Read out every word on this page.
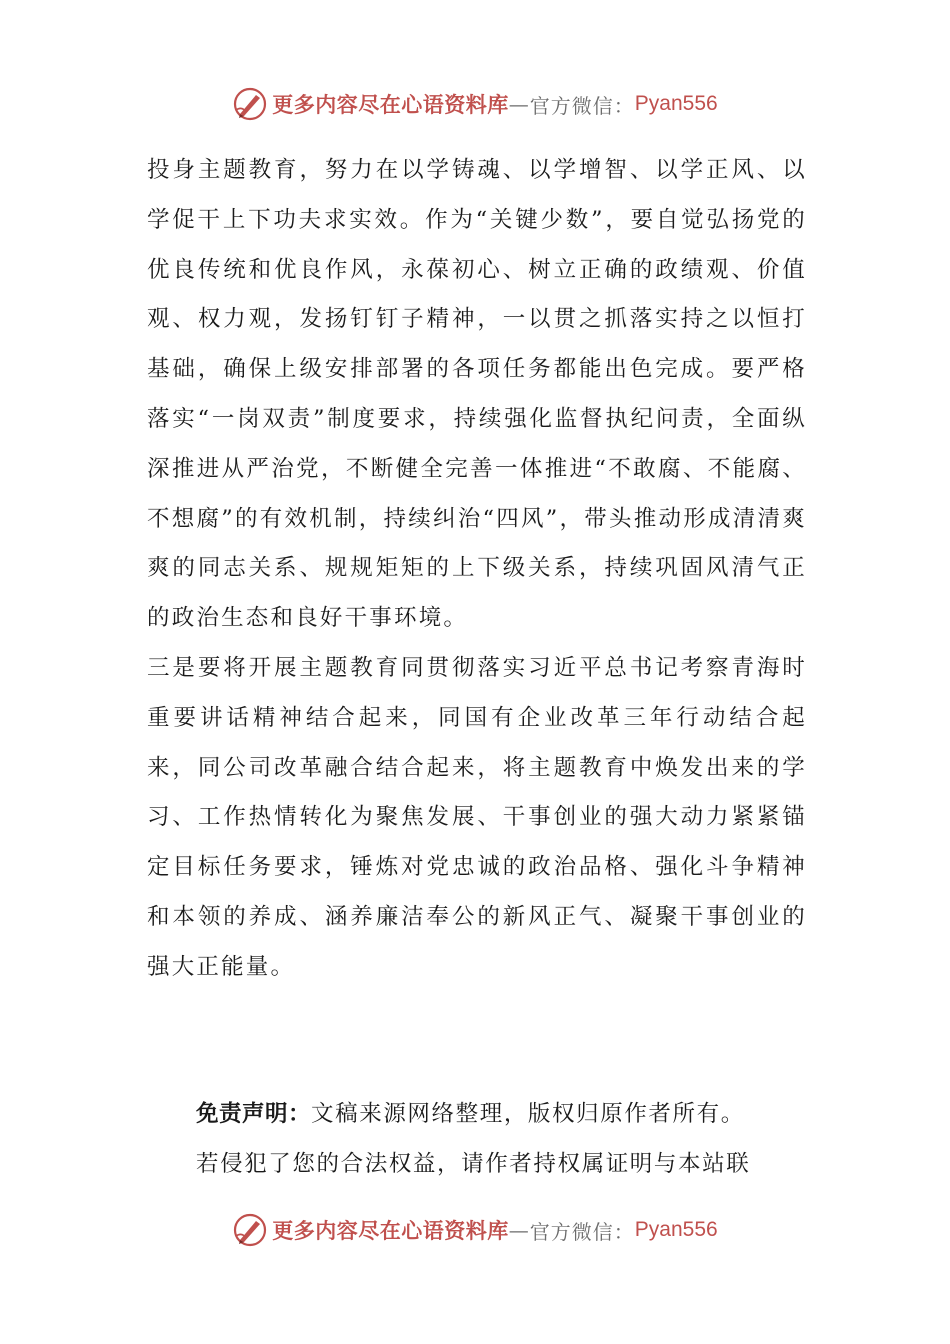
更多内容尽在心语资料库 — 官方微信： Pyan556

投身主题教育，努力在以学铸魂、以学增智、以学正风、以学促干上下功夫求实效。作为“关键少数”，要自觉弘扬党的优良传统和优良作风，永葆初心、树立正确的政绩观、价值观、权力观，发扬钉钉子精神，一以贯之抓落实持之以恒打基础，确保上级安排部署的各项任务都能出色完成。要严格落实“一岗双责”制度要求，持续强化监督执纪问责，全面纵深推进从严治党，不断健全完善一体推进“不敢腐、不能腐、不想腐”的有效机制，持续纠治“四风”，带头推动形成清清爽爽的同志关系、规规矩矩的上下级关系，持续巩固风清气正的政治生态和良好干事环境。

三是要将开展主题教育同贯彻落实习近平总书记考察青海时重要讲话精神结合起来，同国有企业改革三年行动结合起来，同公司改革融合结合起来，将主题教育中焕发出来的学习、工作热情转化为聚焦发展、干事创业的强大动力紧紧锚定目标任务要求，锤炼对党忠诚的政治品格、强化斗争精神和本领的养成、涵养廉洁奉公的新风正气、凝聚干事创业的强大正能量。

免责声明：文稿来源网络整理，版权归原作者所有。

若侵犯了您的合法权益，请作者持权属证明与本站联

更多内容尽在心语资料库 — 官方微信： Pyan556
